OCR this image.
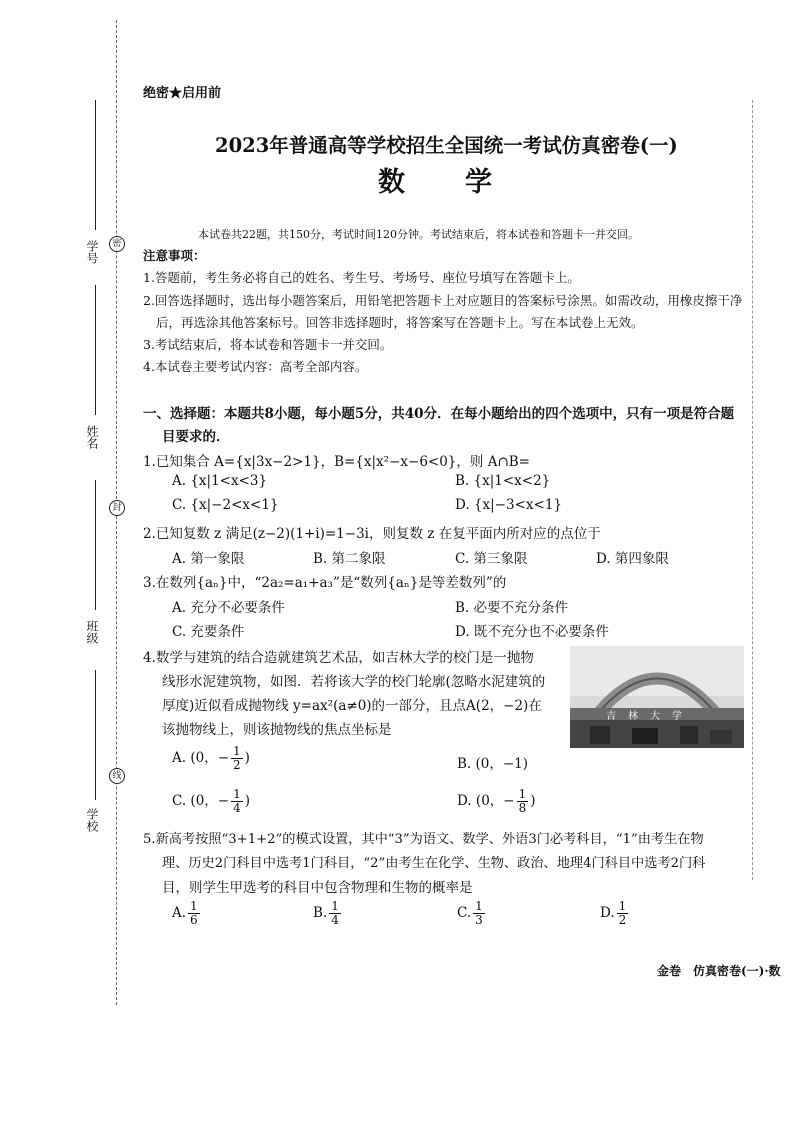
学号	密
姓名
封
班级
线
学校
绝密★启用前
2023年普通高等学校招生全国统一考试仿真密卷(一)
数　　学
本试卷共22题，共150分，考试时间120分钟。考试结束后，将本试卷和答题卡一并交回。
注意事项：
1.答题前，考生务必将自己的姓名、考生号、考场号、座位号填写在答题卡上。
2.回答选择题时，选出每小题答案后，用铅笔把答题卡上对应题目的答案标号涂黑。如需改动，用橡皮擦干净
后，再选涂其他答案标号。回答非选择题时，将答案写在答题卡上。写在本试卷上无效。
3.考试结束后，将本试卷和答题卡一并交回。
4.本试卷主要考试内容：高考全部内容。
一、选择题：本题共8小题，每小题5分，共40分．在每小题给出的四个选项中，只有一项是符合题
目要求的．
1.已知集合 A={x|3x−2>1}，B={x|x²−x−6<0}，则 A∩B=
A. {x|1<x<3}	B. {x|1<x<2}
C. {x|−2<x<1}	D. {x|−3<x<1}
2.已知复数 z 满足(z−2)(1+i)=1−3i，则复数 z 在复平面内所对应的点位于
A. 第一象限	B. 第二象限	C. 第三象限	D. 第四象限
3.在数列{aₙ}中，“2a₂=a₁+a₃”是“数列{aₙ}是等差数列”的
A. 充分不必要条件	B. 必要不充分条件
C. 充要条件	D. 既不充分也不必要条件
4.数学与建筑的结合造就建筑艺术品，如吉林大学的校门是一抛物
线形水泥建筑物，如图．若将该大学的校门轮廓(忽略水泥建筑的
厚度)近似看成抛物线 y=ax²(a≠0)的一部分，且点A(2，−2)在
该抛物线上，则该抛物线的焦点坐标是
吉　林　大　学
A. (0，− $\frac{1}{2}$ )	B. (0，−1)
C. (0，− $\frac{1}{4}$ )	D. (0，− $\frac{1}{8}$ )
5.新高考按照“3+1+2”的模式设置，其中“3”为语文、数学、外语3门必考科目，“1”由考生在物
理、历史2门科目中选考1门科目，“2”由考生在化学、生物、政治、地理4门科目中选考2门科
目，则学生甲选考的科目中包含物理和生物的概率是
A. $\frac{1}{6}$	B. $\frac{1}{4}$	C. $\frac{1}{3}$	D. $\frac{1}{2}$
金卷　仿真密卷(一)·数
